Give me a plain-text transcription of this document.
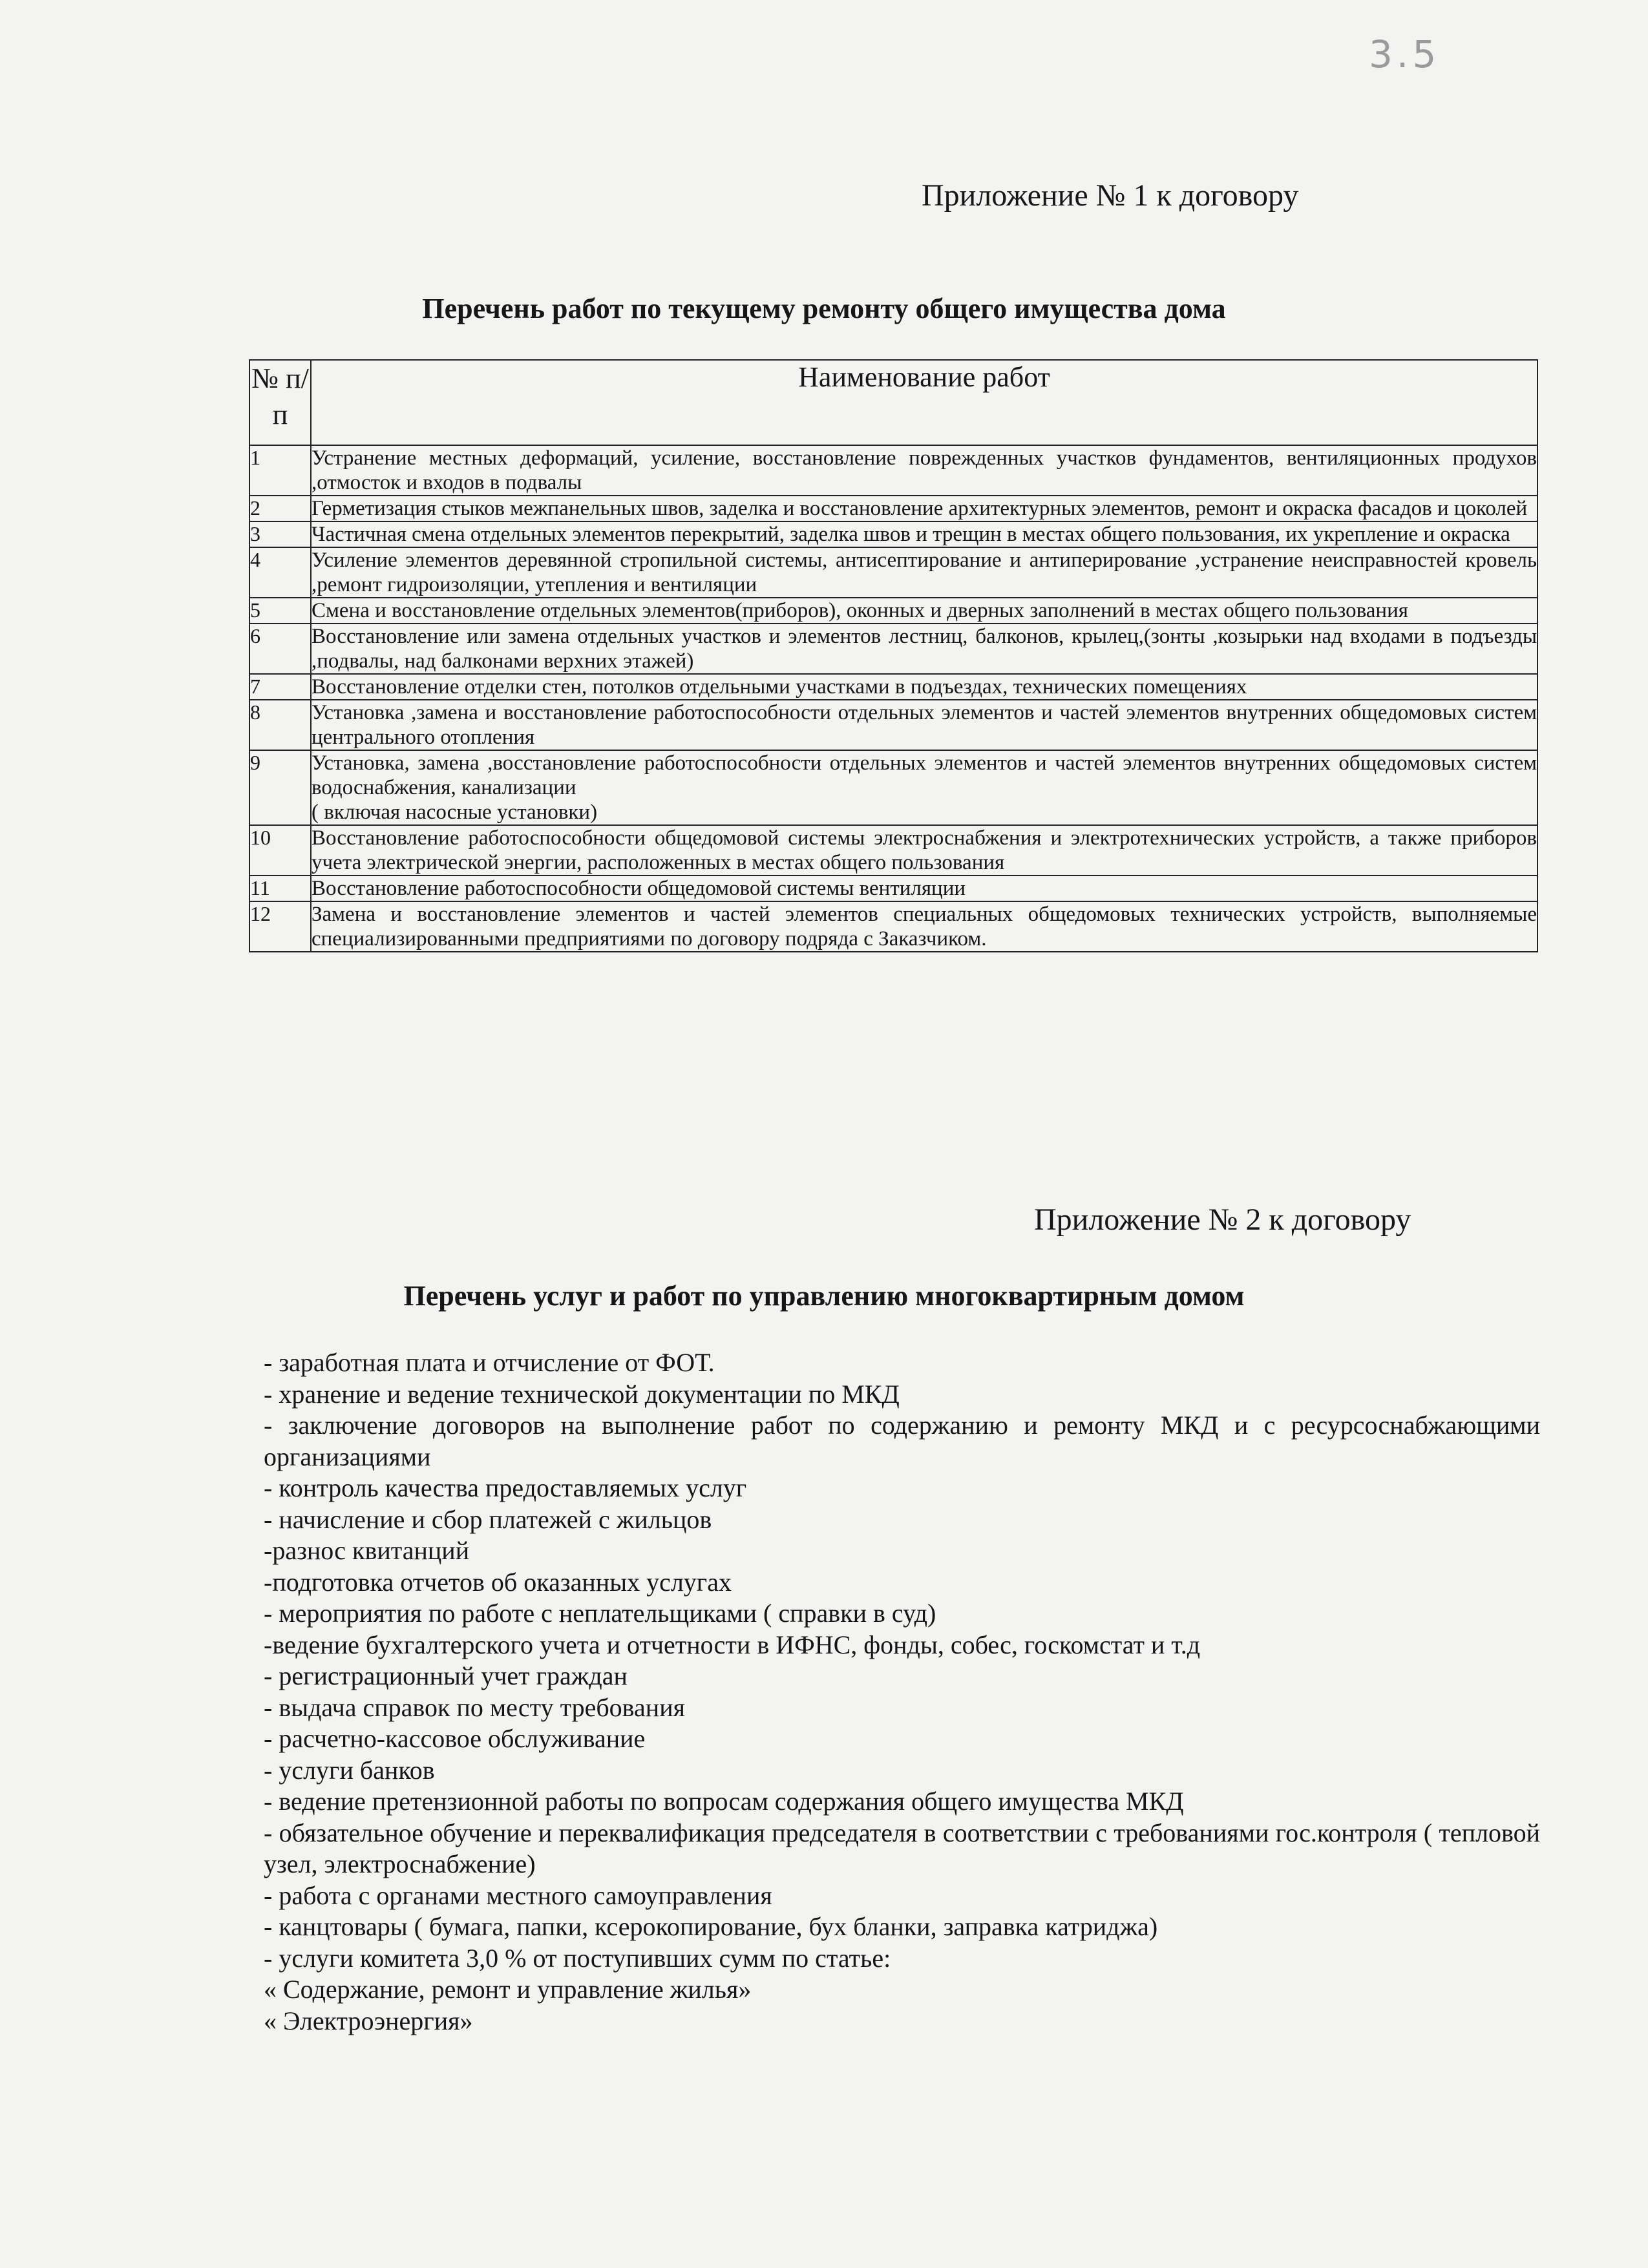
3.5
Приложение № 1 к договору
Перечень работ по текущему ремонту общего имущества дома
№ п/п	Наименование работ
1	Устранение местных деформаций, усиление, восстановление поврежденных участков фундаментов, вентиляционных продухов ,отмосток и входов в подвалы
2	Герметизация стыков межпанельных швов, заделка и восстановление архитектурных элементов, ремонт и окраска фасадов и цоколей
3	Частичная смена отдельных элементов перекрытий, заделка швов и трещин в местах общего пользования, их укрепление и окраска
4	Усиление элементов деревянной стропильной системы, антисептирование и антиперирование ,устранение неисправностей кровель ,ремонт гидроизоляции, утепления и вентиляции
5	Смена и восстановление отдельных элементов(приборов), оконных и дверных заполнений в местах общего пользования
6	Восстановление или замена отдельных участков и элементов лестниц, балконов, крылец,(зонты ,козырьки над входами в подъезды ,подвалы, над балконами верхних этажей)
7	Восстановление отделки стен, потолков отдельными участками в подъездах, технических помещениях
8	Установка ,замена и восстановление работоспособности отдельных элементов и частей элементов внутренних общедомовых систем центрального отопления
9	Установка, замена ,восстановление работоспособности отдельных элементов и частей элементов внутренних общедомовых систем водоснабжения, канализации
( включая насосные установки)
10	Восстановление работоспособности общедомовой системы электроснабжения и электротехнических устройств, а также приборов учета электрической энергии, расположенных в местах общего пользования
11	Восстановление работоспособности общедомовой системы вентиляции
12	Замена и восстановление элементов и частей элементов специальных общедомовых технических устройств, выполняемые специализированными предприятиями по договору подряда с Заказчиком.
Приложение № 2 к договору
Перечень услуг и работ по управлению многоквартирным домом

- заработная плата и отчисление от ФОТ.

- хранение и ведение технической документации по МКД

- заключение договоров на выполнение работ по содержанию и ремонту МКД и с ресурсоснабжающими организациями

- контроль качества предоставляемых услуг

- начисление и сбор платежей с жильцов

-разнос квитанций

-подготовка отчетов об оказанных услугах

- мероприятия по работе с неплательщиками ( справки в суд)

-ведение бухгалтерского учета и отчетности в ИФНС, фонды, собес, госкомстат и т.д

- регистрационный учет граждан

- выдача справок по месту требования

- расчетно-кассовое обслуживание

- услуги банков

- ведение претензионной работы по вопросам содержания общего имущества МКД

- обязательное обучение и переквалификация председателя в соответствии с требованиями гос.контроля ( тепловой узел, электроснабжение)

- работа с органами местного самоуправления

- канцтовары ( бумага, папки, ксерокопирование, бух бланки, заправка катриджа)

- услуги комитета 3,0 % от поступивших сумм по статье:

« Содержание, ремонт и управление жилья»

« Электроэнергия»
